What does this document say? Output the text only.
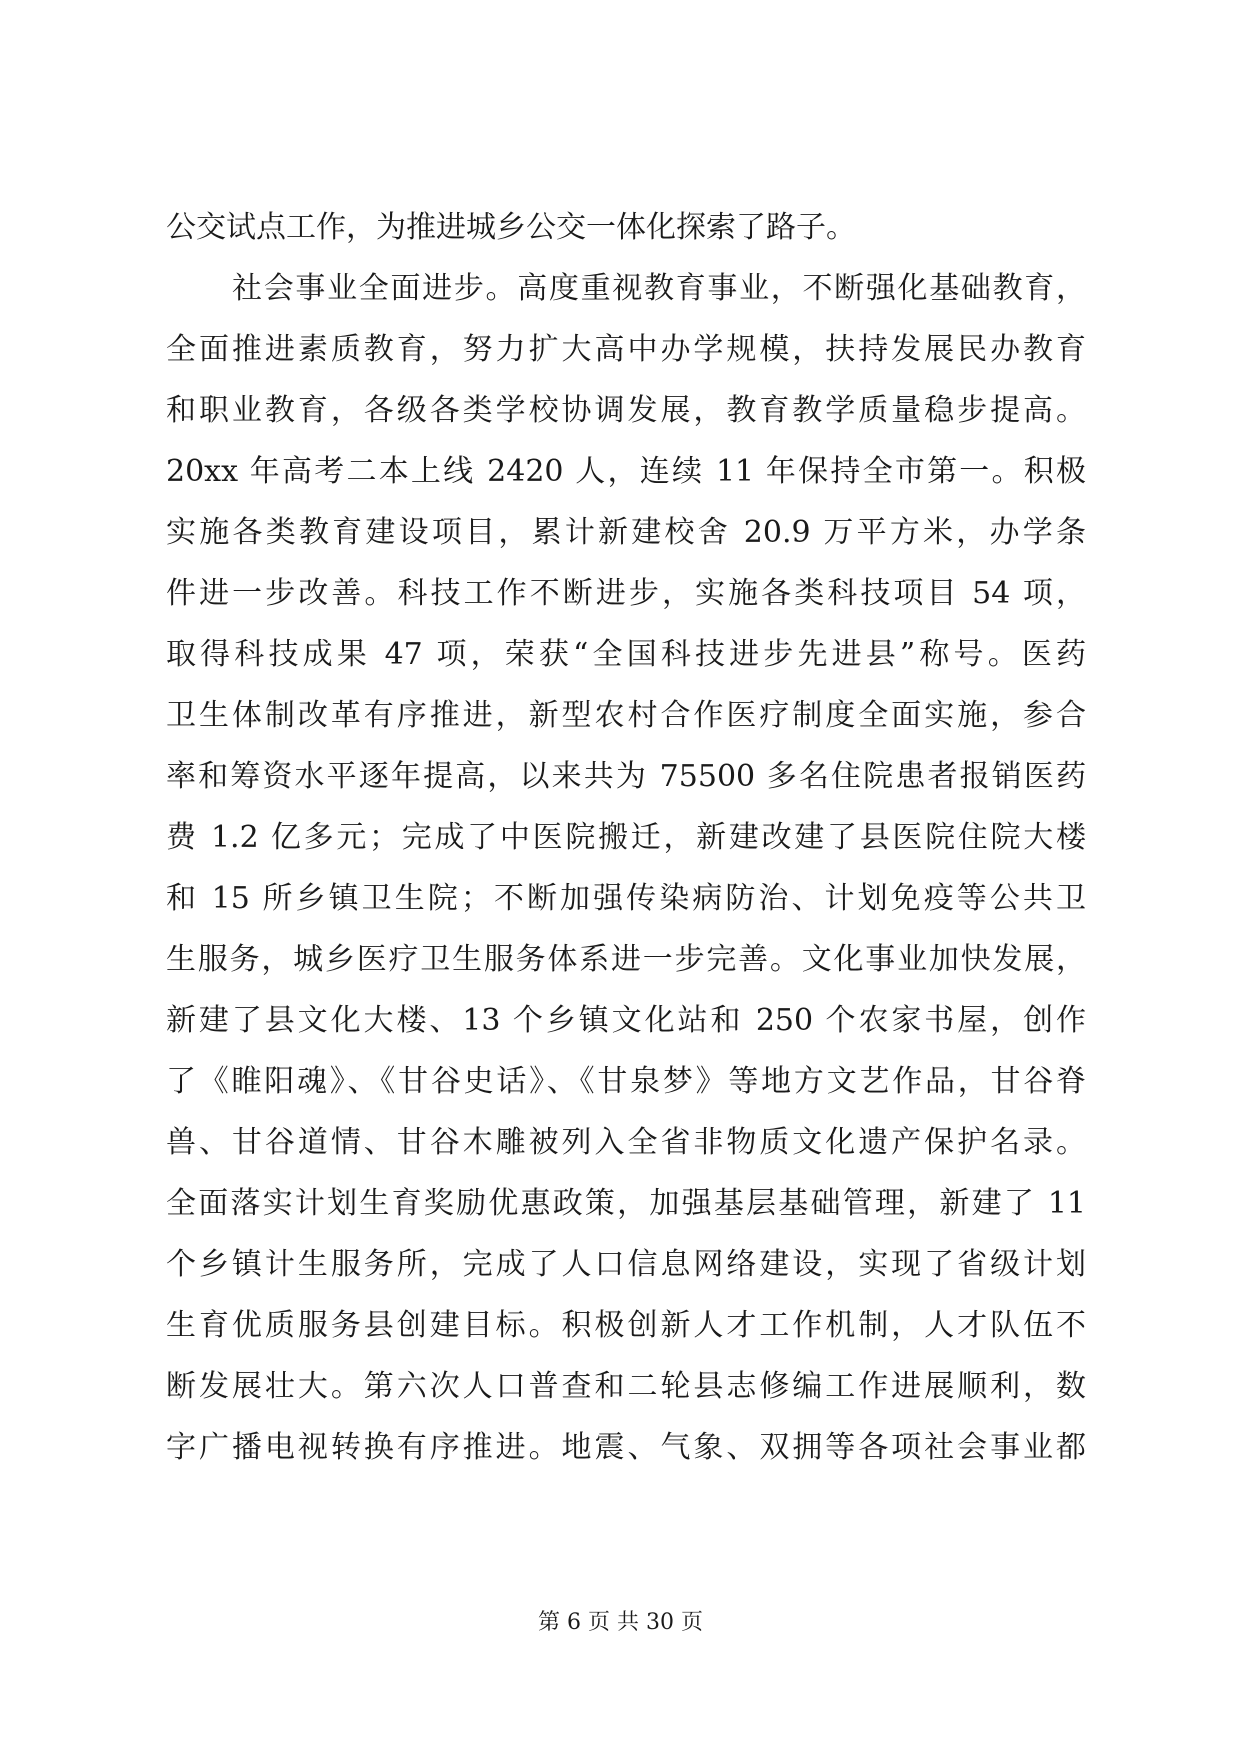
公交试点工作，为推进城乡公交一体化探索了路子。
社会事业全面进步。高度重视教育事业，不断强化基础教育，
全面推进素质教育，努力扩大高中办学规模，扶持发展民办教育
和职业教育，各级各类学校协调发展，教育教学质量稳步提高。
20xx 年高考二本上线 2420 人，连续 11 年保持全市第一。积极
实施各类教育建设项目，累计新建校舍 20.9 万平方米，办学条
件进一步改善。科技工作不断进步，实施各类科技项目 54 项，
取得科技成果 47 项，荣获“全国科技进步先进县”称号。医药
卫生体制改革有序推进，新型农村合作医疗制度全面实施，参合
率和筹资水平逐年提高，以来共为 75500 多名住院患者报销医药
费 1.2 亿多元；完成了中医院搬迁，新建改建了县医院住院大楼
和 15 所乡镇卫生院；不断加强传染病防治、计划免疫等公共卫
生服务，城乡医疗卫生服务体系进一步完善。文化事业加快发展，
新建了县文化大楼、13 个乡镇文化站和 250 个农家书屋，创作
了《睢阳魂》、《甘谷史话》、《甘泉梦》等地方文艺作品，甘谷脊
兽、甘谷道情、甘谷木雕被列入全省非物质文化遗产保护名录。
全面落实计划生育奖励优惠政策，加强基层基础管理，新建了 11
个乡镇计生服务所，完成了人口信息网络建设，实现了省级计划
生育优质服务县创建目标。积极创新人才工作机制，人才队伍不
断发展壮大。第六次人口普查和二轮县志修编工作进展顺利，数
字广播电视转换有序推进。地震、气象、双拥等各项社会事业都
第 6 页 共 30 页
